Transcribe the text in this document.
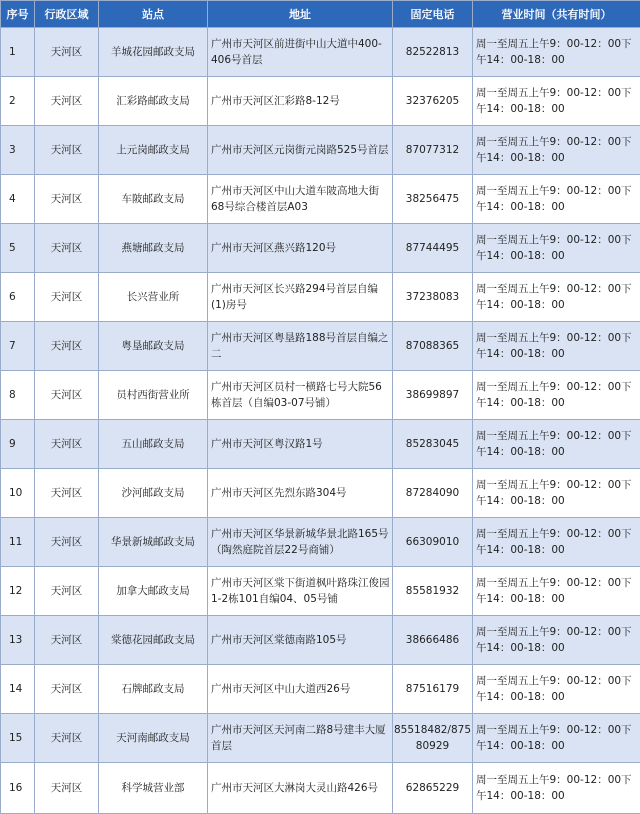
序号	行政区域	站点	地址	固定电话	营业时间（共有时间）
1	天河区	羊城花园邮政支局	广州市天河区前进街中山大道中400-406号首层	82522813	周一至周五上午9：00-12：00下
午14：00-18：00

2	天河区	汇彩路邮政支局	广州市天河区汇彩路8-12号	32376205	周一至周五上午9：00-12：00下
午14：00-18：00

3	天河区	上元岗邮政支局	广州市天河区元岗街元岗路525号首层	87077312	周一至周五上午9：00-12：00下
午14：00-18：00

4	天河区	车陂邮政支局	广州市天河区中山大道车陂高地大街68号综合楼首层A03	38256475	周一至周五上午9：00-12：00下
午14：00-18：00

5	天河区	燕塘邮政支局	广州市天河区燕兴路120号	87744495	周一至周五上午9：00-12：00下
午14：00-18：00

6	天河区	长兴营业所	广州市天河区长兴路294号首层自编(1)房号	37238083	周一至周五上午9：00-12：00下
午14：00-18：00

7	天河区	粤垦邮政支局	广州市天河区粤垦路188号首层自编之二	87088365	周一至周五上午9：00-12：00下
午14：00-18：00

8	天河区	员村西街营业所	广州市天河区员村一横路七号大院56栋首层（自编03-07号铺）	38699897	周一至周五上午9：00-12：00下
午14：00-18：00

9	天河区	五山邮政支局	广州市天河区粤汉路1号	85283045	周一至周五上午9：00-12：00下
午14：00-18：00

10	天河区	沙河邮政支局	广州市天河区先烈东路304号	87284090	周一至周五上午9：00-12：00下
午14：00-18：00

11	天河区	华景新城邮政支局	广州市天河区华景新城华景北路165号（陶然庭院首层22号商铺）	66309010	周一至周五上午9：00-12：00下
午14：00-18：00

12	天河区	加拿大邮政支局	广州市天河区棠下街道枫叶路珠江俊园1-2栋101自编04、05号铺	85581932	周一至周五上午9：00-12：00下
午14：00-18：00

13	天河区	棠德花园邮政支局	广州市天河区棠德南路105号	38666486	周一至周五上午9：00-12：00下
午14：00-18：00

14	天河区	石牌邮政支局	广州市天河区中山大道西26号	87516179	周一至周五上午9：00-12：00下
午14：00-18：00

15	天河区	天河南邮政支局	广州市天河区天河南二路8号建丰大厦首层	85518482/87580929	周一至周五上午9：00-12：00下
午14：00-18：00

16	天河区	科学城营业部	广州市天河区大淋岗大灵山路426号	62865229	周一至周五上午9：00-12：00下
午14：00-18：00
